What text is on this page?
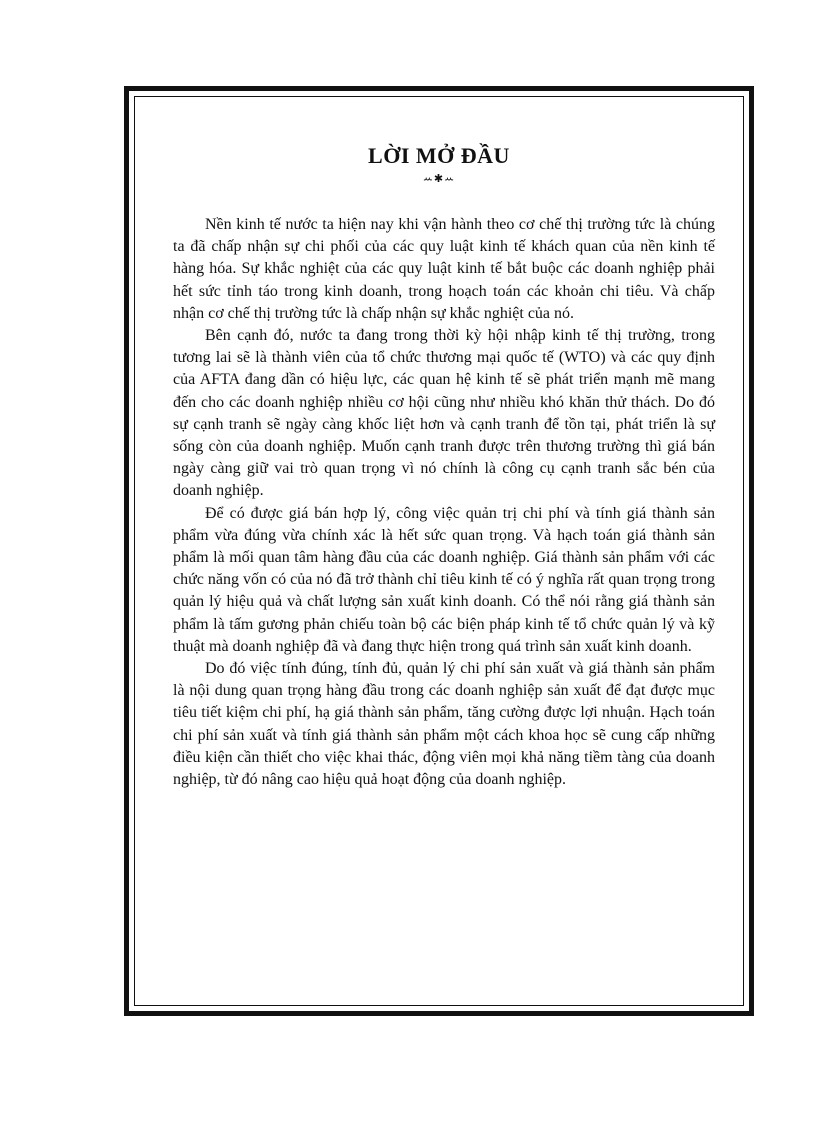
LỜI MỞ ĐẦU
ꕀ✱ꕀ

Nền kinh tế nước ta hiện nay khi vận hành theo cơ chế thị trường tức là chúng ta đã chấp nhận sự chi phối của các quy luật kinh tế khách quan của nền kinh tế hàng hóa. Sự khắc nghiệt của các quy luật kinh tế bắt buộc các doanh nghiệp phải hết sức tỉnh táo trong kinh doanh, trong hoạch toán các khoản chi tiêu. Và chấp nhận cơ chế thị trường tức là chấp nhận sự khắc nghiệt của nó.

Bên cạnh đó, nước ta đang trong thời kỳ hội nhập kinh tế thị trường, trong tương lai sẽ là thành viên của tổ chức thương mại quốc tế (WTO) và các quy định của AFTA đang dần có hiệu lực, các quan hệ kinh tế sẽ phát triển mạnh mẽ mang đến cho các doanh nghiệp nhiều cơ hội cũng như nhiều khó khăn thử thách. Do đó sự cạnh tranh sẽ ngày càng khốc liệt hơn và cạnh tranh để tồn tại, phát triển là sự sống còn của doanh nghiệp. Muốn cạnh tranh được trên thương trường thì giá bán ngày càng giữ vai trò quan trọng vì nó chính là công cụ cạnh tranh sắc bén của doanh nghiệp.

Để có được giá bán hợp lý, công việc quản trị chi phí và tính giá thành sản phẩm vừa đúng vừa chính xác là hết sức quan trọng. Và hạch toán giá thành sản phẩm là mối quan tâm hàng đầu của các doanh nghiệp. Giá thành sản phẩm với các chức năng vốn có của nó đã trở thành chỉ tiêu kinh tế có ý nghĩa rất quan trọng trong quản lý hiệu quả và chất lượng sản xuất kinh doanh. Có thể nói rằng giá thành sản phẩm là tấm gương phản chiếu toàn bộ các biện pháp kinh tế tổ chức quản lý và kỹ thuật mà doanh nghiệp đã và đang thực hiện trong quá trình sản xuất kinh doanh.

Do đó việc tính đúng, tính đủ, quản lý chi phí sản xuất và giá thành sản phẩm là nội dung quan trọng hàng đầu trong các doanh nghiệp sản xuất để đạt được mục tiêu tiết kiệm chi phí, hạ giá thành sản phẩm, tăng cường được lợi nhuận. Hạch toán chi phí sản xuất và tính giá thành sản phẩm một cách khoa học sẽ cung cấp những điều kiện cần thiết cho việc khai thác, động viên mọi khả năng tiềm tàng của doanh nghiệp, từ đó nâng cao hiệu quả hoạt động của doanh nghiệp.
